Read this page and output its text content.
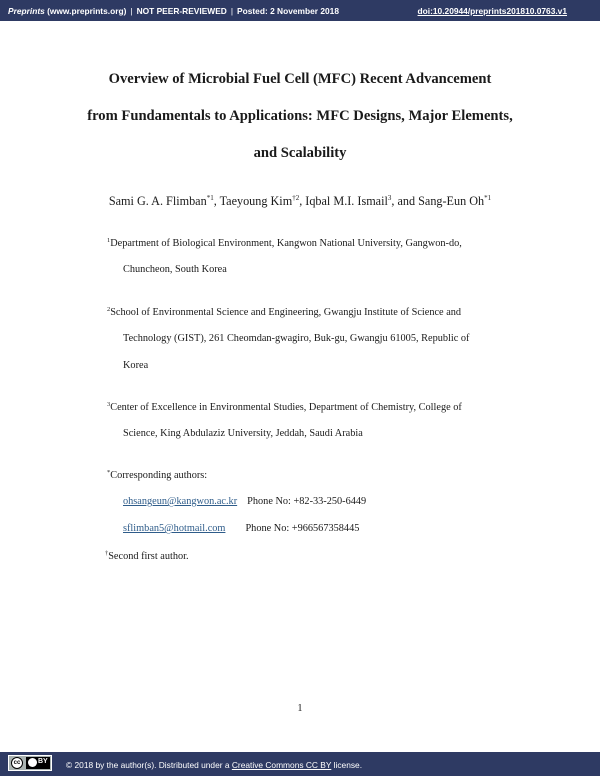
Preprints (www.preprints.org) | NOT PEER-REVIEWED | Posted: 2 November 2018	doi:10.20944/preprints201810.0763.v1
Overview of Microbial Fuel Cell (MFC) Recent Advancement
from Fundamentals to Applications: MFC Designs, Major Elements,
and Scalability
Sami G. A. Flimban$^{*1}$, Taeyoung Kim$^{\dagger 2}$, Iqbal M.I. Ismail$^3$, and Sang-Eun Oh$^{*1}$
$^1$Department of Biological Environment, Kangwon National University, Gangwon-do,
Chuncheon, South Korea
$^2$School of Environmental Science and Engineering, Gwangju Institute of Science and
Technology (GIST), 261 Cheomdan-gwagiro, Buk-gu, Gwangju 61005, Republic of
Korea
$^3$Center of Excellence in Environmental Studies, Department of Chemistry, College of
Science, King Abdulaziz University, Jeddah, Saudi Arabia
*Corresponding authors:
ohsangeun@kangwon.ac.kr Phone No: +82-33-250-6449
sflimban5@hotmail.com Phone No: +966567358445
†Second first author.
1
cc	BY © 2018 by the author(s). Distributed under a Creative Commons CC BY license.
